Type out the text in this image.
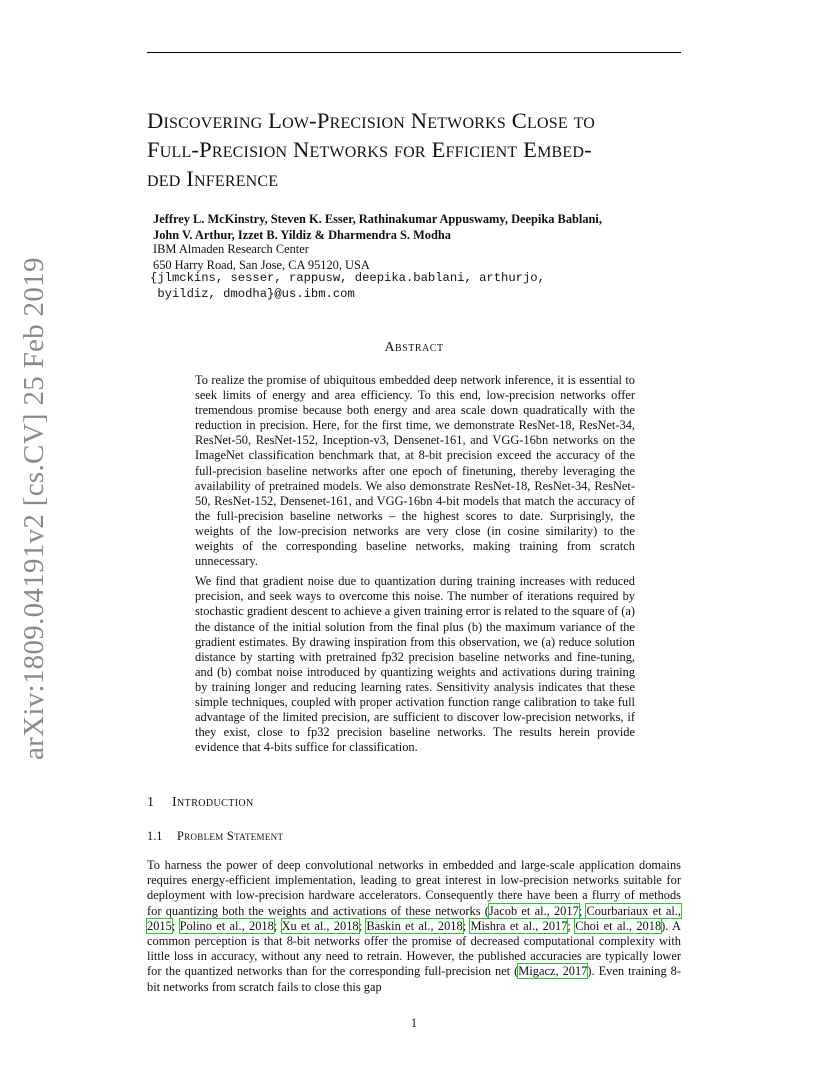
arXiv:1809.04191v2 [cs.CV] 25 Feb 2019
Discovering Low-Precision Networks Close to
Full-Precision Networks for Efficient Embed-
ded Inference
Jeffrey L. McKinstry, Steven K. Esser, Rathinakumar Appuswamy, Deepika Bablani,
John V. Arthur, Izzet B. Yildiz & Dharmendra S. Modha
IBM Almaden Research Center
650 Harry Road, San Jose, CA 95120, USA
{jlmckins, sesser, rappusw, deepika.bablani, arthurjo,
byildiz, dmodha}@us.ibm.com
Abstract

To realize the promise of ubiquitous embedded deep network inference, it is essential to seek limits of energy and area efficiency. To this end, low-precision networks offer tremendous promise because both energy and area scale down quadratically with the reduction in precision. Here, for the first time, we demonstrate ResNet-18, ResNet-34, ResNet-50, ResNet-152, Inception-v3, Densenet-161, and VGG-16bn networks on the ImageNet classification benchmark that, at 8-bit precision exceed the accuracy of the full-precision baseline networks after one epoch of finetuning, thereby leveraging the availability of pretrained models. We also demonstrate ResNet-18, ResNet-34, ResNet-50, ResNet-152, Densenet-161, and VGG-16bn 4-bit models that match the accuracy of the full-precision baseline networks – the highest scores to date. Surprisingly, the weights of the low-precision networks are very close (in cosine similarity) to the weights of the corresponding baseline networks, making training from scratch unnecessary.

We find that gradient noise due to quantization during training increases with reduced precision, and seek ways to overcome this noise. The number of iterations required by stochastic gradient descent to achieve a given training error is related to the square of (a) the distance of the initial solution from the final plus (b) the maximum variance of the gradient estimates. By drawing inspiration from this observation, we (a) reduce solution distance by starting with pretrained fp32 precision baseline networks and fine-tuning, and (b) combat noise introduced by quantizing weights and activations during training by training longer and reducing learning rates. Sensitivity analysis indicates that these simple techniques, coupled with proper activation function range calibration to take full advantage of the limited precision, are sufficient to discover low-precision networks, if they exist, close to fp32 precision baseline networks. The results herein provide evidence that 4-bits suffice for classification.

1 Introduction
1.1 Problem Statement

To harness the power of deep convolutional networks in embedded and large-scale application domains requires energy-efficient implementation, leading to great interest in low-precision networks suitable for deployment with low-precision hardware accelerators. Consequently there have been a flurry of methods for quantizing both the weights and activations of these networks (Jacob et al., 2017; Courbariaux et al., 2015; Polino et al., 2018; Xu et al., 2018; Baskin et al., 2018; Mishra et al., 2017; Choi et al., 2018). A common perception is that 8-bit networks offer the promise of decreased computational complexity with little loss in accuracy, without any need to retrain. However, the published accuracies are typically lower for the quantized networks than for the corresponding full-precision net (Migacz, 2017). Even training 8-bit networks from scratch fails to close this gap

1
